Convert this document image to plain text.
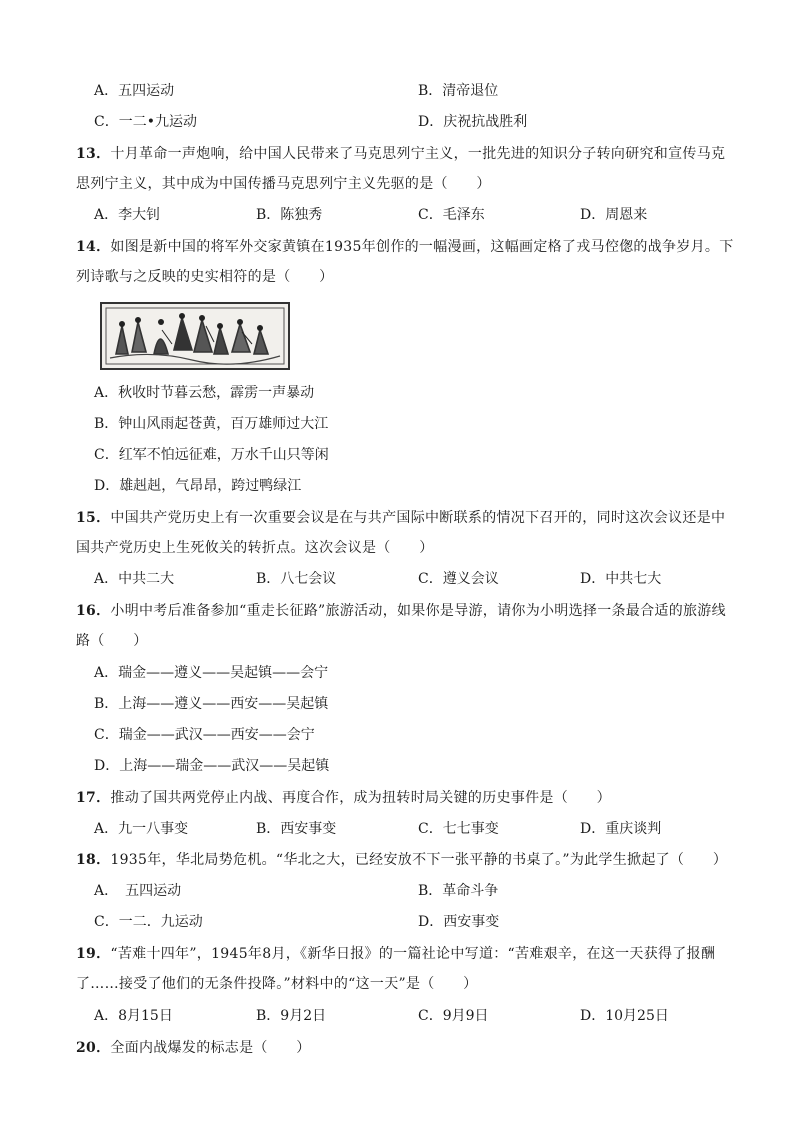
A．五四运动	B．清帝退位
C．一二•九运动	D．庆祝抗战胜利
13．十月革命一声炮响，给中国人民带来了马克思列宁主义，一批先进的知识分子转向研究和宣传马克
思列宁主义，其中成为中国传播马克思列宁主义先驱的是（　　）
A．李大钊	B．陈独秀	C．毛泽东	D．周恩来
14．如图是新中国的将军外交家黄镇在1935年创作的一幅漫画，这幅画定格了戎马倥偬的战争岁月。下
列诗歌与之反映的史实相符的是（　　）
A．秋收时节暮云愁，霹雳一声暴动
B．钟山风雨起苍黄，百万雄师过大江
C．红军不怕远征难，万水千山只等闲
D．雄赳赳，气昂昂，跨过鸭绿江
15．中国共产党历史上有一次重要会议是在与共产国际中断联系的情况下召开的，同时这次会议还是中
国共产党历史上生死攸关的转折点。这次会议是（　　）
A．中共二大	B．八七会议	C．遵义会议	D．中共七大
16．小明中考后准备参加“重走长征路”旅游活动，如果你是导游，请你为小明选择一条最合适的旅游线
路（　　）
A．瑞金——遵义——吴起镇——会宁
B．上海——遵义——西安——吴起镇
C．瑞金——武汉——西安——会宁
D．上海——瑞金——武汉——吴起镇
17．推动了国共两党停止内战、再度合作，成为扭转时局关键的历史事件是（　　）
A．九一八事变	B．西安事变	C．七七事变	D．重庆谈判
18．1935年，华北局势危机。“华北之大，已经安放不下一张平静的书桌了。”为此学生掀起了（　　）
A．　五四运动	B．革命斗争
C．一二．九运动	D．西安事变
19．“苦难十四年”，1945年8月，《新华日报》的一篇社论中写道：“苦难艰辛，在这一天获得了报酬
了……接受了他们的无条件投降。”材料中的“这一天”是（　　）
A．8月15日	B．9月2日	C．9月9日	D．10月25日
20．全面内战爆发的标志是（　　）
